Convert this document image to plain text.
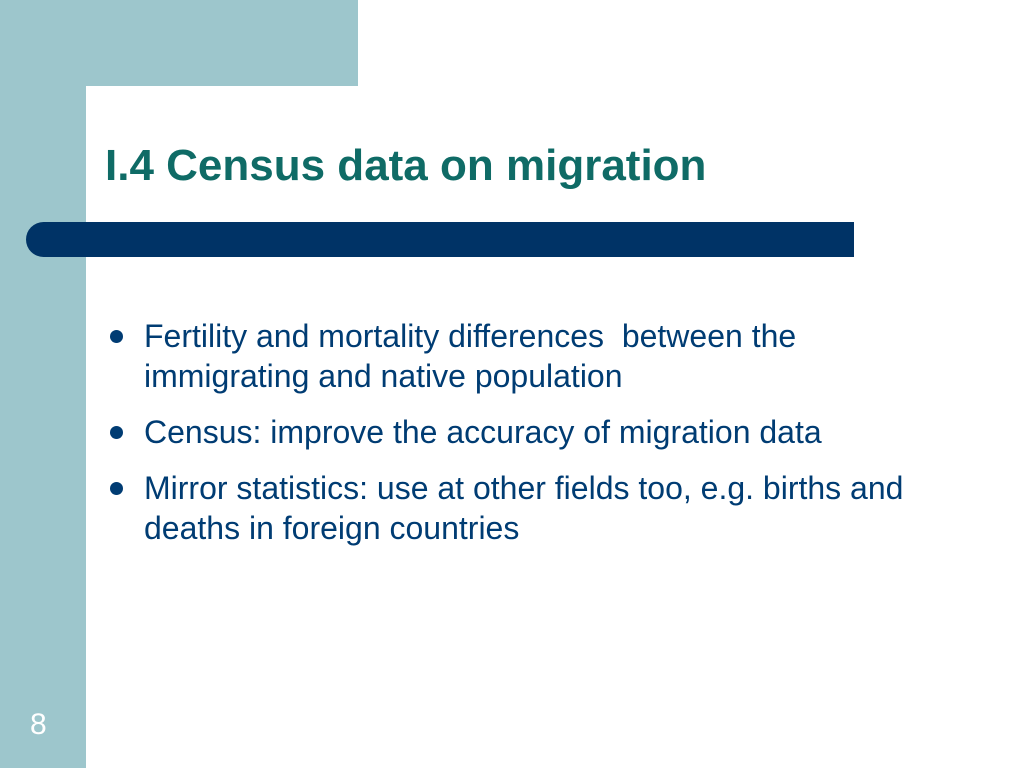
I.4 Census data on migration
Fertility and mortality differences  between the immigrating and native population
Census: improve the accuracy of migration data
Mirror statistics: use at other fields too, e.g. births and deaths in foreign countries
8
